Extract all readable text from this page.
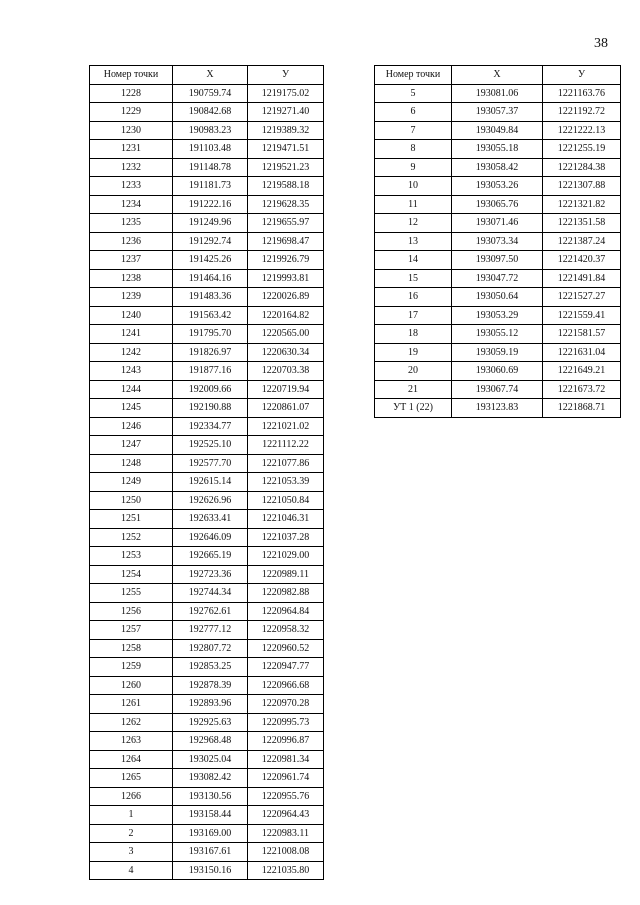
38
Номер точки	X	У
1228	190759.74	1219175.02
1229	190842.68	1219271.40
1230	190983.23	1219389.32
1231	191103.48	1219471.51
1232	191148.78	1219521.23
1233	191181.73	1219588.18
1234	191222.16	1219628.35
1235	191249.96	1219655.97
1236	191292.74	1219698.47
1237	191425.26	1219926.79
1238	191464.16	1219993.81
1239	191483.36	1220026.89
1240	191563.42	1220164.82
1241	191795.70	1220565.00
1242	191826.97	1220630.34
1243	191877.16	1220703.38
1244	192009.66	1220719.94
1245	192190.88	1220861.07
1246	192334.77	1221021.02
1247	192525.10	1221112.22
1248	192577.70	1221077.86
1249	192615.14	1221053.39
1250	192626.96	1221050.84
1251	192633.41	1221046.31
1252	192646.09	1221037.28
1253	192665.19	1221029.00
1254	192723.36	1220989.11
1255	192744.34	1220982.88
1256	192762.61	1220964.84
1257	192777.12	1220958.32
1258	192807.72	1220960.52
1259	192853.25	1220947.77
1260	192878.39	1220966.68
1261	192893.96	1220970.28
1262	192925.63	1220995.73
1263	192968.48	1220996.87
1264	193025.04	1220981.34
1265	193082.42	1220961.74
1266	193130.56	1220955.76
1	193158.44	1220964.43
2	193169.00	1220983.11
3	193167.61	1221008.08
4	193150.16	1221035.80
Номер точки	X	У
5	193081.06	1221163.76
6	193057.37	1221192.72
7	193049.84	1221222.13
8	193055.18	1221255.19
9	193058.42	1221284.38
10	193053.26	1221307.88
11	193065.76	1221321.82
12	193071.46	1221351.58
13	193073.34	1221387.24
14	193097.50	1221420.37
15	193047.72	1221491.84
16	193050.64	1221527.27
17	193053.29	1221559.41
18	193055.12	1221581.57
19	193059.19	1221631.04
20	193060.69	1221649.21
21	193067.74	1221673.72
УТ 1 (22)	193123.83	1221868.71
